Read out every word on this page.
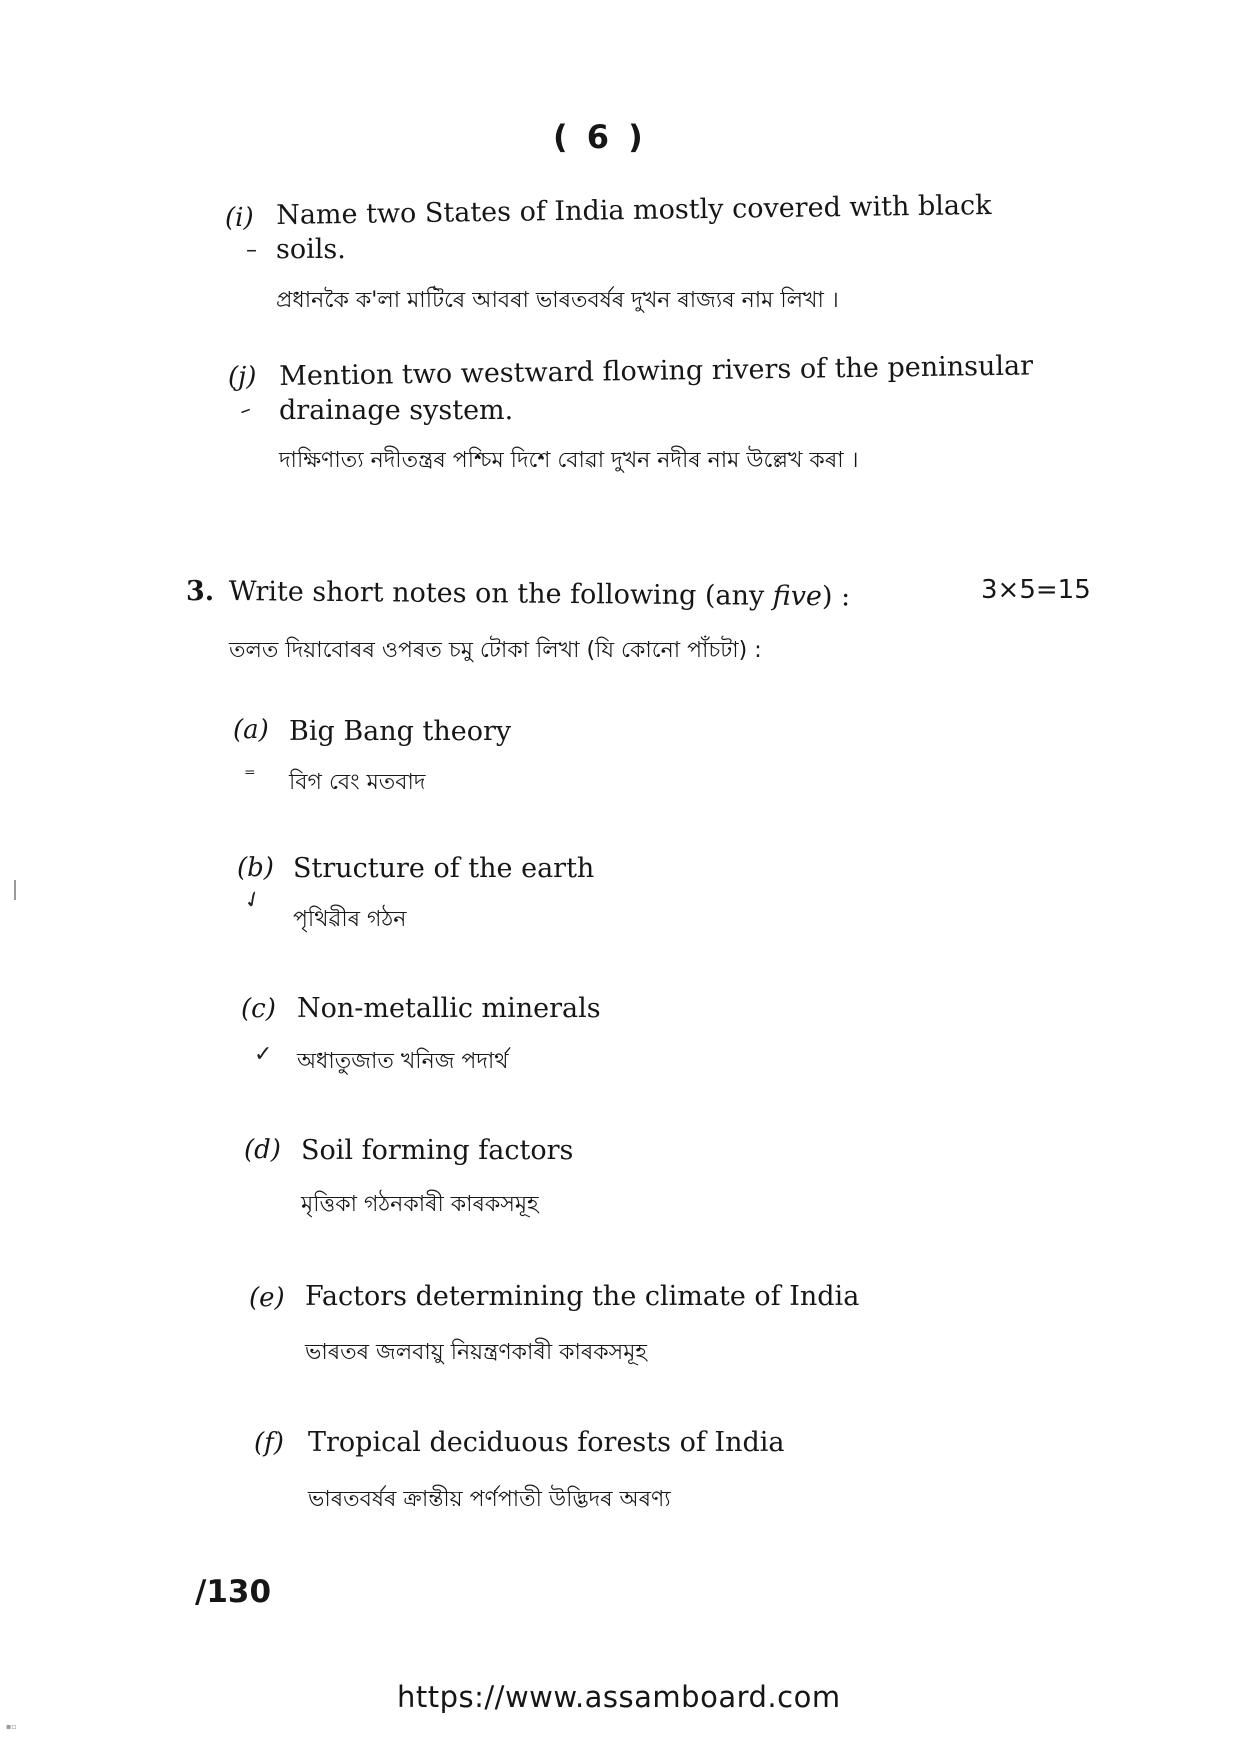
( 6 )
(i) Name two States of India mostly covered with black
– soils.
প্ৰধানকৈ ক'লা মাটিৰে আবৰা ভাৰতবৰ্ষৰ দুখন ৰাজ্যৰ নাম লিখা ।
(j) Mention two westward flowing rivers of the peninsular
– drainage system.
দাক্ষিণাত্য নদীতন্ত্ৰৰ পশ্চিম দিশে বোৱা দুখন নদীৰ নাম উল্লেখ কৰা ।
3. Write short notes on the following (any five) :	3×5=15
তলত দিয়াবোৰৰ ওপৰত চমু টোকা লিখা (যি কোনো পাঁচটা) :
(a) Big Bang theory
⁼ বিগ বেং মতবাদ
(b) Structure of the earth
✓
পৃথিৱীৰ গঠন
(c) Non-metallic minerals
✓ অধাতুজাত খনিজ পদাৰ্থ
(d) Soil forming factors
মৃত্তিকা গঠনকাৰী কাৰকসমূহ
(e) Factors determining the climate of India
ভাৰতৰ জলবায়ু নিয়ন্ত্ৰণকাৰী কাৰকসমূহ
(f) Tropical deciduous forests of India
ভাৰতবৰ্ষৰ ক্ৰান্তীয় পৰ্ণপাতী উদ্ভিদৰ অৰণ্য
/130
https://www.assamboard.com
▪▫
